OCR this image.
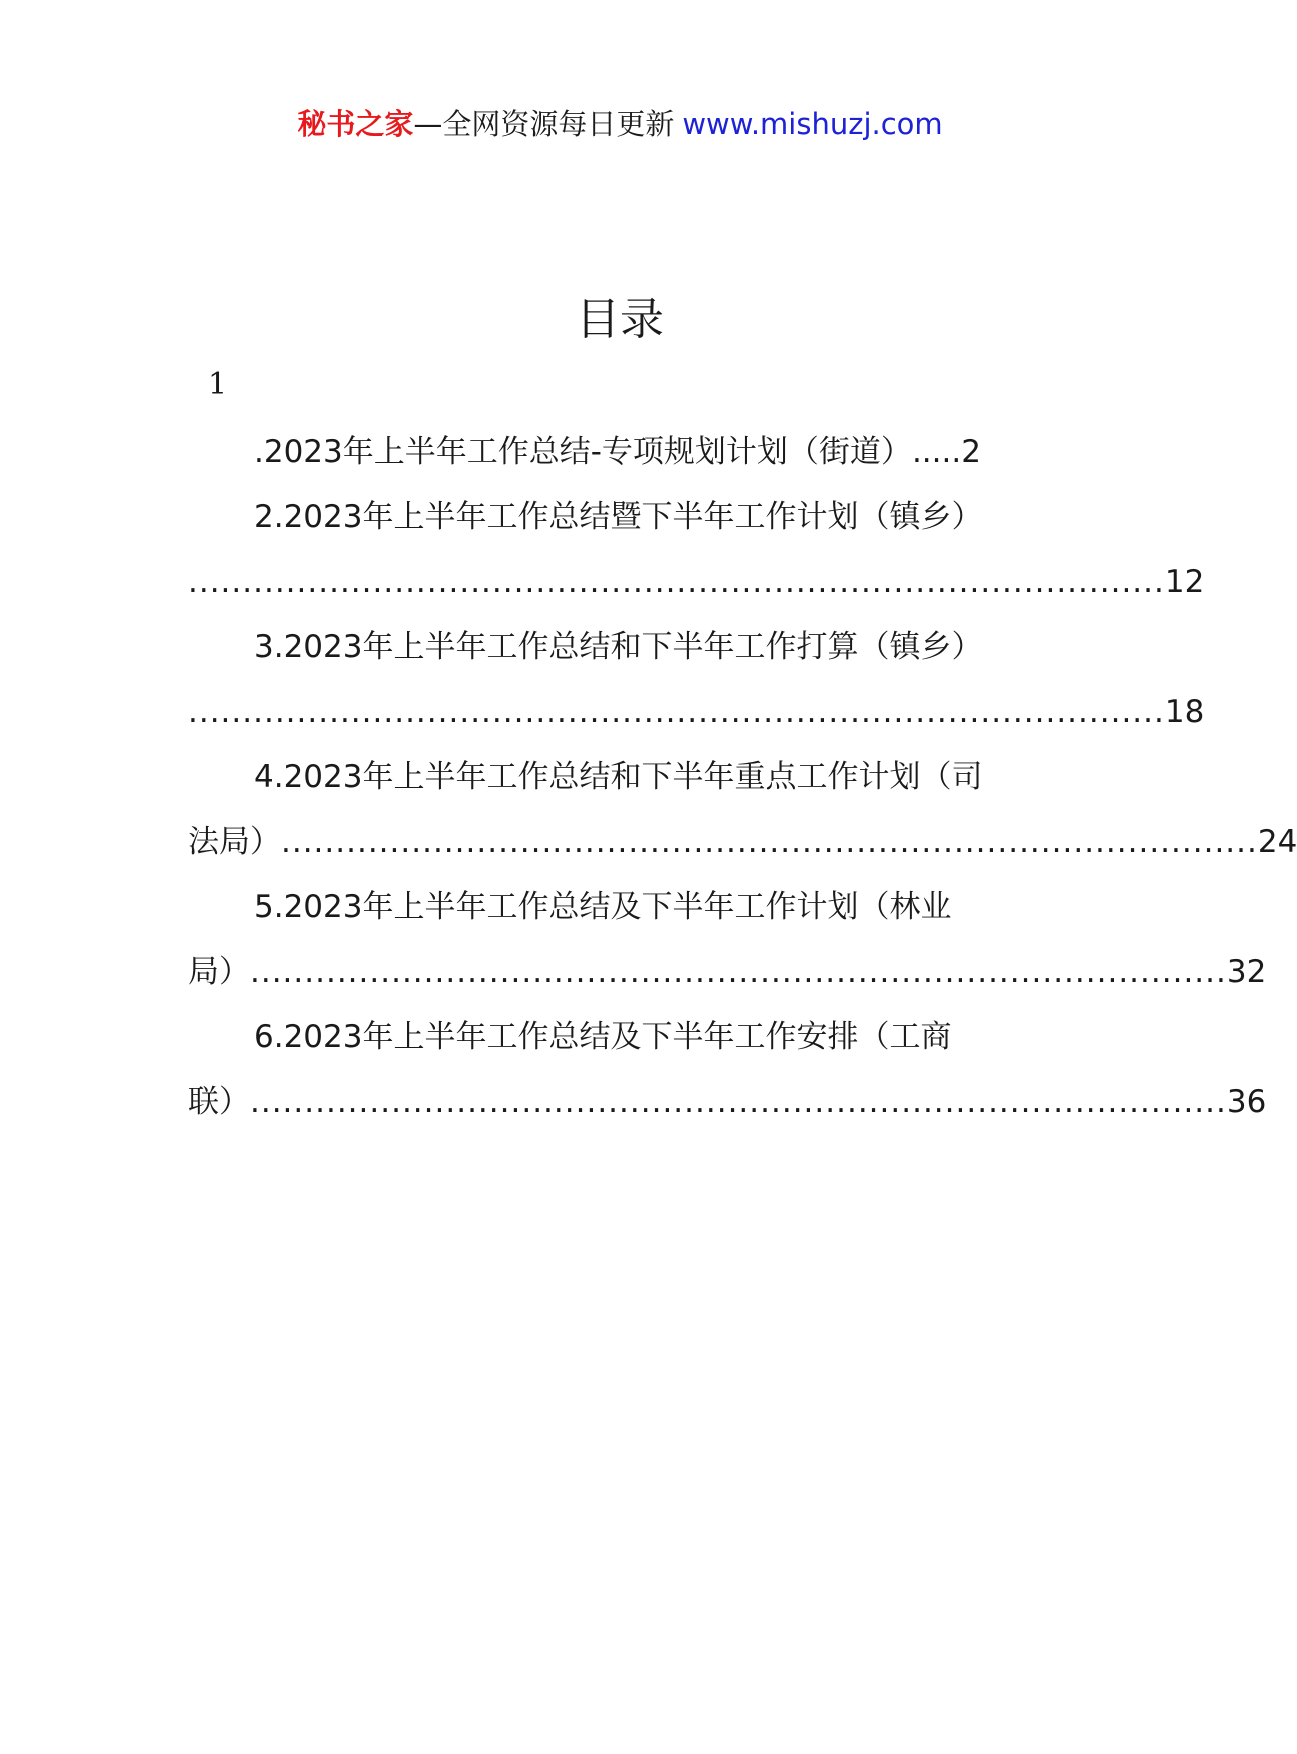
秘书之家—全网资源每日更新 www.mishuzj.com
目录
1
.2023年上半年工作总结-专项规划计划（街道）.....2
2.2023年上半年工作总结暨下半年工作计划（镇乡）
.......................................................................................... 12
3.2023年上半年工作总结和下半年工作打算（镇乡）
.......................................................................................... 18
4.2023年上半年工作总结和下半年重点工作计划（司
法局） .......................................................................................... 24
5.2023年上半年工作总结及下半年工作计划（林业
局） .......................................................................................... 32
6.2023年上半年工作总结及下半年工作安排（工商
联） .......................................................................................... 36
